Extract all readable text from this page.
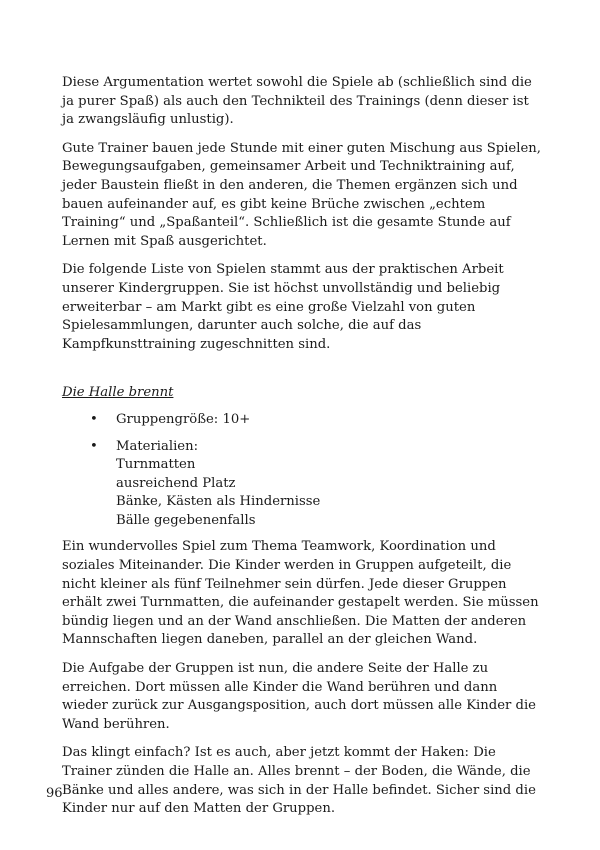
Diese Argumentation wertet sowohl die Spiele ab (schließlich sind die ja purer Spaß) als auch den Technikteil des Trainings (denn dieser ist ja zwangsläufig unlustig).

Gute Trainer bauen jede Stunde mit einer guten Mischung aus Spielen, Bewegungsaufgaben, gemeinsamer Arbeit und Techniktraining auf, jeder Baustein fließt in den anderen, die Themen ergänzen sich und bauen aufeinander auf, es gibt keine Brüche zwischen „echtem Training“ und „Spaßanteil“. Schließlich ist die gesamte Stunde auf Lernen mit Spaß ausgerichtet.

Die folgende Liste von Spielen stammt aus der praktischen Arbeit unserer Kindergruppen. Sie ist höchst unvollständig und beliebig erweiterbar – am Markt gibt es eine große Vielzahl von guten Spielesammlungen, darunter auch solche, die auf das Kampfkunsttraining zugeschnitten sind.

Die Halle brennt
• Gruppengröße: 10+
• Materialien:
Turnmatten
ausreichend Platz
Bänke, Kästen als Hindernisse
Bälle gegebenenfalls

Ein wundervolles Spiel zum Thema Teamwork, Koordination und soziales Miteinander. Die Kinder werden in Gruppen aufgeteilt, die nicht kleiner als fünf Teilnehmer sein dürfen. Jede dieser Gruppen erhält zwei Turnmatten, die aufeinander gestapelt werden. Sie müssen bündig liegen und an der Wand anschließen. Die Matten der anderen Mannschaften liegen daneben, parallel an der gleichen Wand.

Die Aufgabe der Gruppen ist nun, die andere Seite der Halle zu erreichen. Dort müssen alle Kinder die Wand berühren und dann wieder zurück zur Ausgangsposition, auch dort müssen alle Kinder die Wand berühren.

Das klingt einfach? Ist es auch, aber jetzt kommt der Haken: Die Trainer zünden die Halle an. Alles brennt – der Boden, die Wände, die Bänke und alles andere, was sich in der Halle befindet. Sicher sind die Kinder nur auf den Matten der Gruppen.

96
